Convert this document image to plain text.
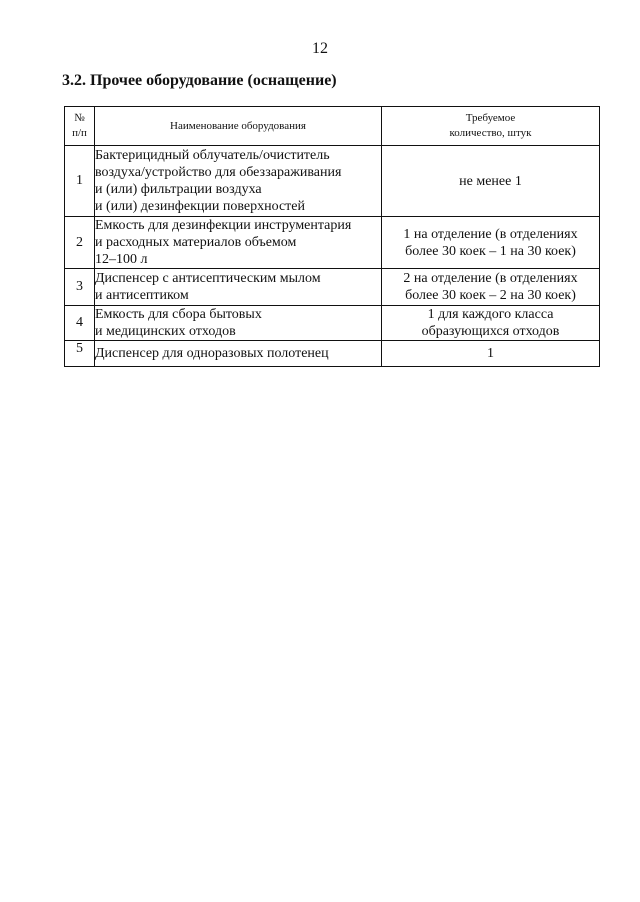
12
3.2. Прочее оборудование (оснащение)
№
п/п	Наименование оборудования	Требуемое
количество, штук

1	Бактерицидный облучатель/очиститель
воздуха/устройство для обеззараживания
и (или) фильтрации воздуха
и (или) дезинфекции поверхностей	не менее 1

2	Емкость для дезинфекции инструментария
и расходных материалов объемом
12–100 л	1 на отделение (в отделениях
более 30 коек – 1 на 30 коек)

3	Диспенсер с антисептическим мылом
и антисептиком	2 на отделение (в отделениях
более 30 коек – 2 на 30 коек)

4	Емкость для сбора бытовых
и медицинских отходов	1 для каждого класса
образующихся отходов

5	Диспенсер для одноразовых полотенец	1
